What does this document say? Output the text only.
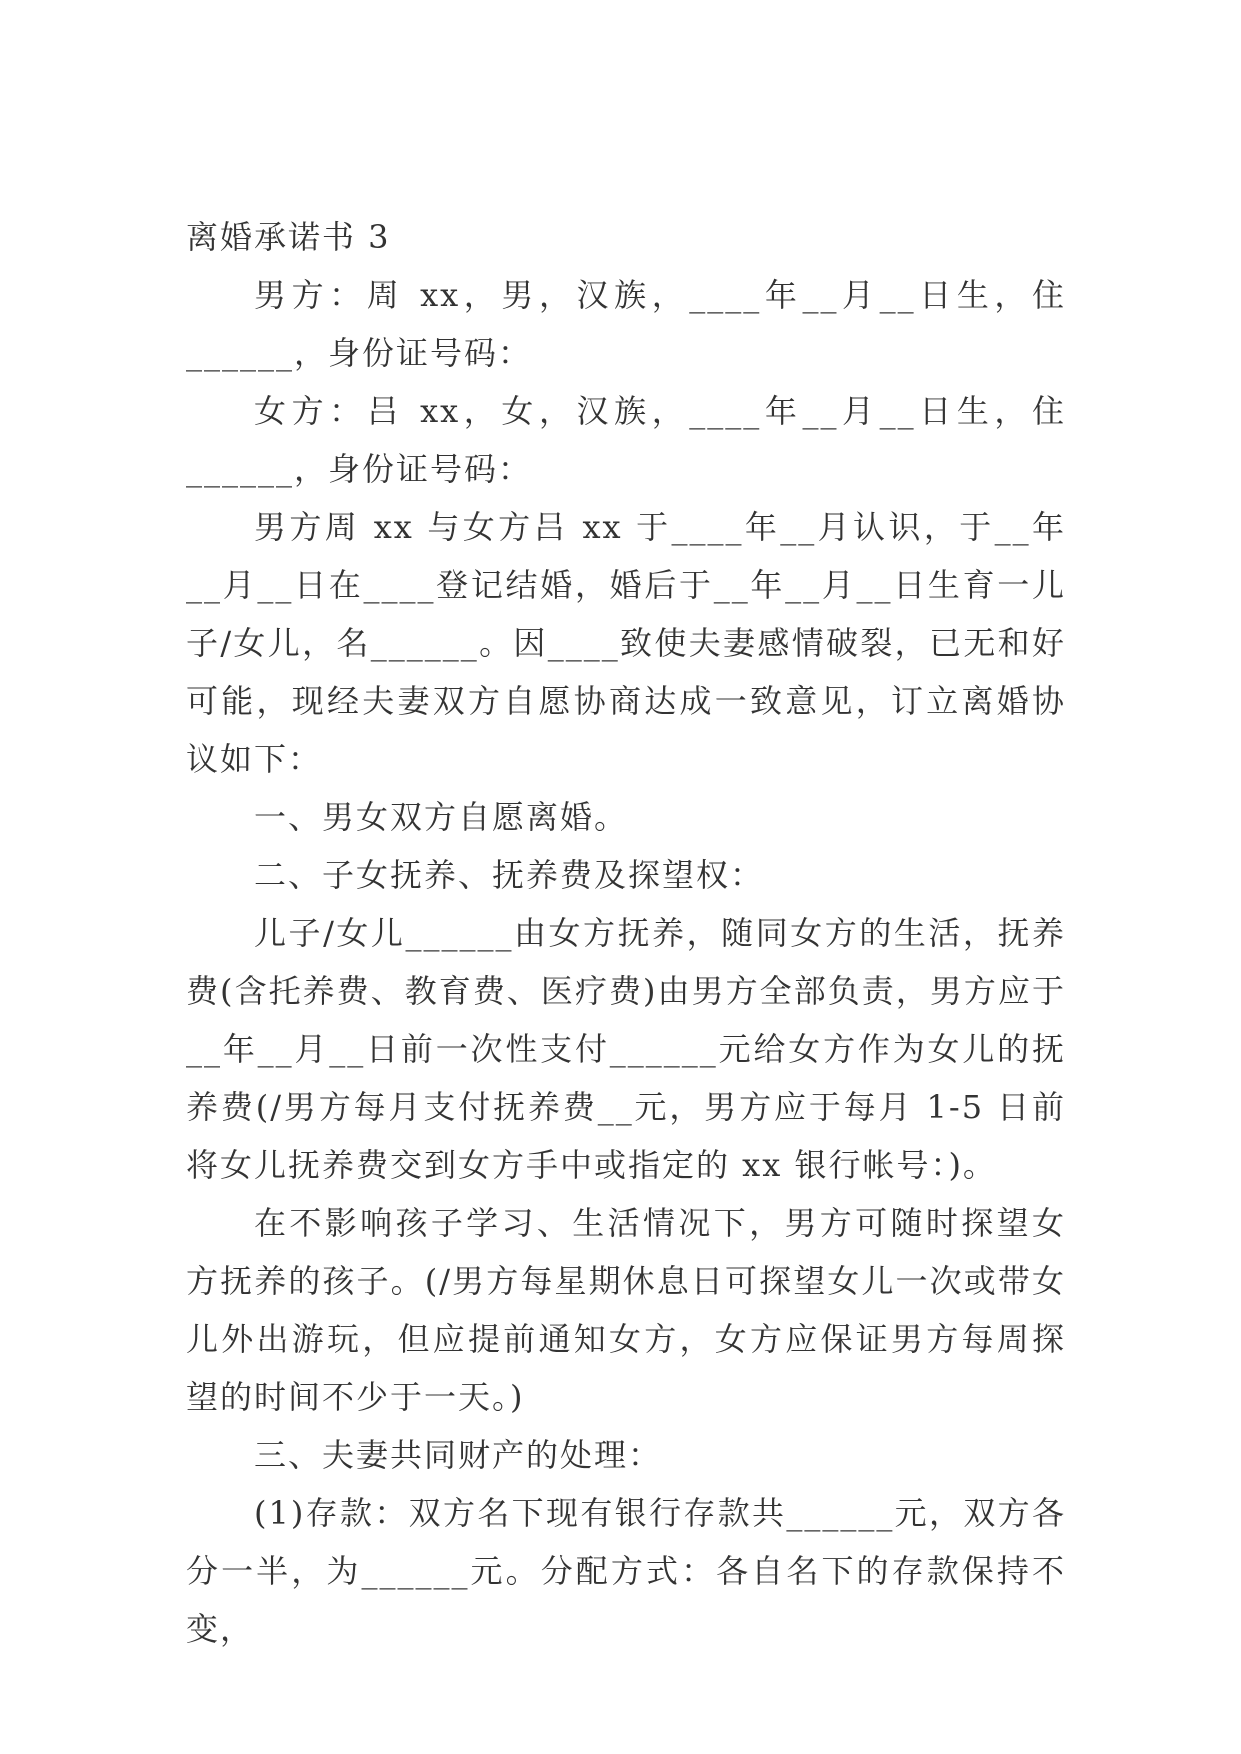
离婚承诺书 3

男方：周 xx，男，汉族，____年__月__日生，住______，身份证号码：

女方：吕 xx，女，汉族，____年__月__日生，住______，身份证号码：

男方周 xx 与女方吕 xx 于____年__月认识，于__年__月__日在____登记结婚，婚后于__年__月__日生育一儿子/女儿，名______。因____致使夫妻感情破裂，已无和好可能，现经夫妻双方自愿协商达成一致意见，订立离婚协议如下：

一、男女双方自愿离婚。

二、子女抚养、抚养费及探望权：

儿子/女儿______由女方抚养，随同女方的生活，抚养费(含托养费、教育费、医疗费)由男方全部负责，男方应于__年__月__日前一次性支付______元给女方作为女儿的抚养费(/男方每月支付抚养费__元，男方应于每月 1-5 日前将女儿抚养费交到女方手中或指定的 xx 银行帐号：)。

在不影响孩子学习、生活情况下，男方可随时探望女方抚养的孩子。(/男方每星期休息日可探望女儿一次或带女儿外出游玩，但应提前通知女方，女方应保证男方每周探望的时间不少于一天。)

三、夫妻共同财产的处理：

(1)存款：双方名下现有银行存款共______元，双方各分一半，为______元。分配方式：各自名下的存款保持不变，
